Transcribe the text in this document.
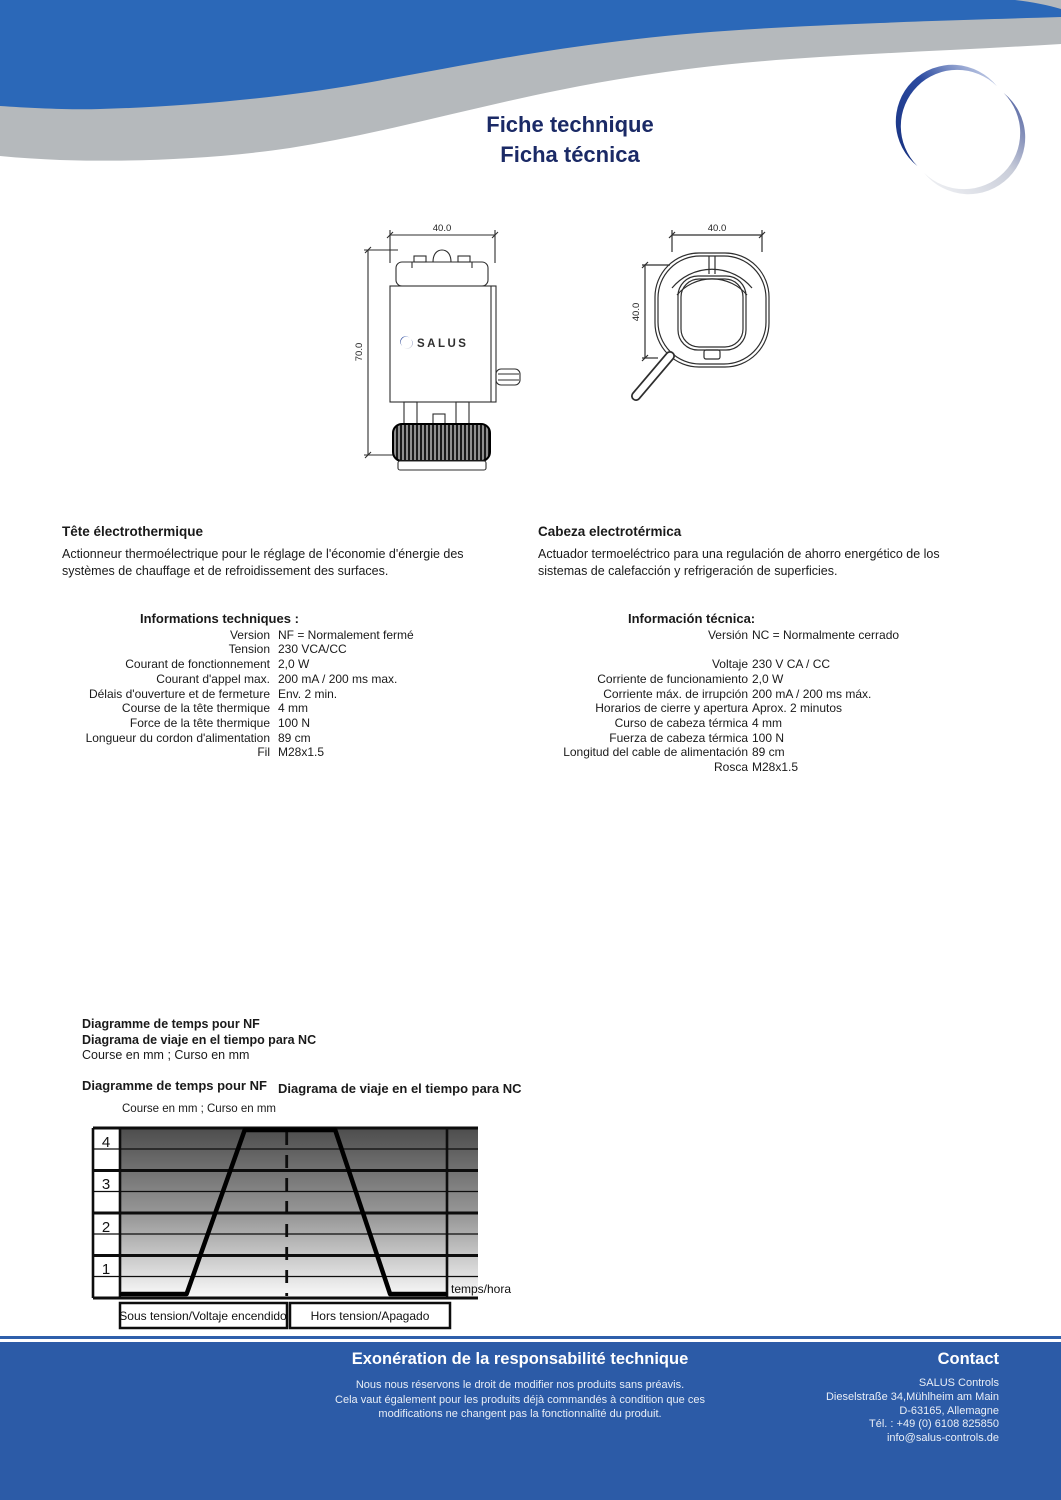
Fiche technique
Ficha técnica
SALUS
40.0
70.0
40.0
40.0

Tête électrothermique

Actionneur thermoélectrique pour le réglage de l'économie d'énergie des systèmes de chauffage et de refroidissement des surfaces.

Cabeza electrotérmica

Actuador termoeléctrico para una regulación de ahorro energético de los sistemas de calefacción y refrigeración de superficies.

Informations techniques :
Version NF = Normalement fermé
Tension 230 VCA/CC
Courant de fonctionnement 2,0 W
Courant d'appel max. 200 mA / 200 ms max.
Délais d'ouverture et de fermeture Env. 2 min.
Course de la tête thermique 4 mm
Force de la tête thermique 100 N
Longueur du cordon d'alimentation 89 cm
Fil M28x1.5
Información técnica:
Versión NC = Normalmente cerrado
Voltaje 230 V CA / CC
Corriente de funcionamiento 2,0 W
Corriente máx. de irrupción 200 mA / 200 ms máx.
Horarios de cierre y apertura Aprox. 2 minutos
Curso de cabeza térmica 4 mm
Fuerza de cabeza térmica 100 N
Longitud del cable de alimentación 89 cm
Rosca M28x1.5
Diagramme de temps pour NF
Diagrama de viaje en el tiempo para NC
Course en mm ; Curso en mm
Diagramme de temps pour NF Diagrama de viaje en el tiempo para NC
Course en mm ; Curso en mm
4
3
2
1
temps/hora
Sous tension/Voltaje encendido Hors tension/Apagado
Exonération de la responsabilité technique
Nous nous réservons le droit de modifier nos produits sans préavis.
Cela vaut également pour les produits déjà commandés à condition que ces
modifications ne changent pas la fonctionnalité du produit.
Contact
SALUS Controls
Dieselstraße 34,Mühlheim am Main
D-63165, Allemagne
Tél. : +49 (0) 6108 825850
info@salus-controls.de
